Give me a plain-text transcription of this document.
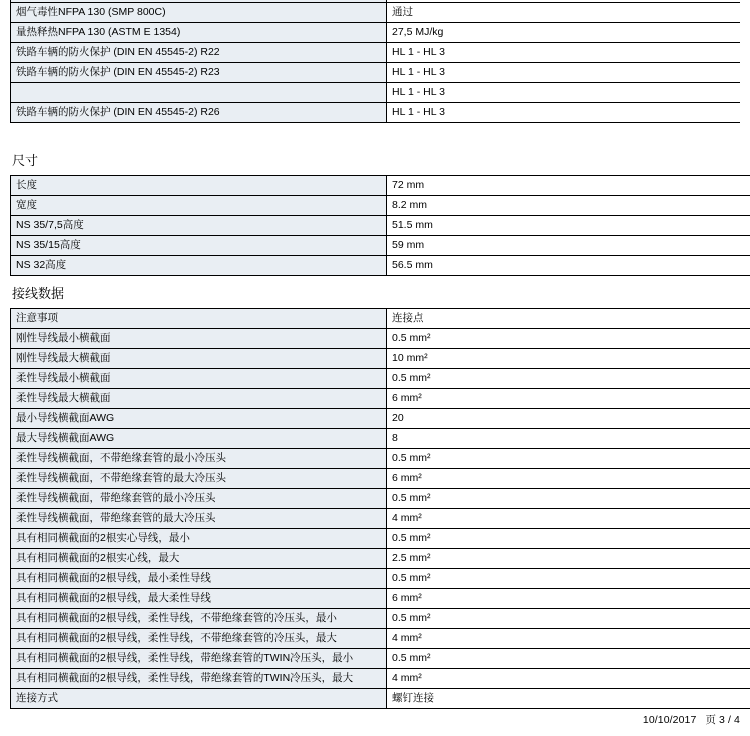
烟气毒性NFPA 130 (SMP 800C)	通过
量热释热NFPA 130 (ASTM E 1354)	27,5 MJ/kg
铁路车辆的防火保护 (DIN EN 45545-2) R22	HL 1 - HL 3
铁路车辆的防火保护 (DIN EN 45545-2) R23	HL 1 - HL 3
	HL 1 - HL 3
铁路车辆的防火保护 (DIN EN 45545-2) R26	HL 1 - HL 3
尺寸
长度	72 mm
宽度	8.2 mm
NS 35/7,5高度	51.5 mm
NS 35/15高度	59 mm
NS 32高度	56.5 mm
接线数据
注意事项	连接点
刚性导线最小横截面	0.5 mm²
刚性导线最大横截面	10 mm²
柔性导线最小横截面	0.5 mm²
柔性导线最大横截面	6 mm²
最小导线横截面AWG	20
最大导线横截面AWG	8
柔性导线横截面，不带绝缘套管的最小冷压头	0.5 mm²
柔性导线横截面，不带绝缘套管的最大冷压头	6 mm²
柔性导线横截面，带绝缘套管的最小冷压头	0.5 mm²
柔性导线横截面，带绝缘套管的最大冷压头	4 mm²
具有相同横截面的2根实心导线，最小	0.5 mm²
具有相同横截面的2根实心线，最大	2.5 mm²
具有相同横截面的2根导线，最小柔性导线	0.5 mm²
具有相同横截面的2根导线，最大柔性导线	6 mm²
具有相同横截面的2根导线，柔性导线，不带绝缘套管的冷压头，最小	0.5 mm²
具有相同横截面的2根导线，柔性导线，不带绝缘套管的冷压头，最大	4 mm²
具有相同横截面的2根导线，柔性导线，带绝缘套管的TWIN冷压头，最小	0.5 mm²
具有相同横截面的2根导线，柔性导线，带绝缘套管的TWIN冷压头，最大	4 mm²
连接方式	螺钉连接
10/10/2017 页 3 / 4
